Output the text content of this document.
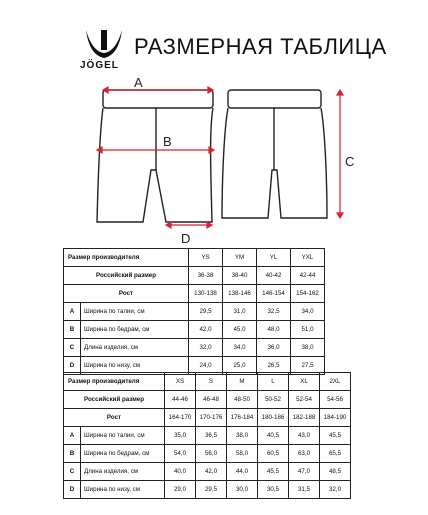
JÖGEL
РАЗМЕРНАЯ ТАБЛИЦА
A
B
C
D
Размер производителя		YS	YM	YL	YXL
Российский размер		36-38	38-40	40-42	42-44
Рост		130-138	138-146	146-154	154-162
A	Ширина по талии, см	29,5	31,0	32,5	34,0
B	Ширина по бедрам, см	42,0	45,0	48,0	51,0
C	Длина изделия, см	32,0	34,0	36,0	38,0
D	Ширина по низу, см	24,0	25,0	26,5	27,5
Размер производителя		XS	S	M	L	XL	2XL
Российский размер		44-46	46-48	48-50	50-52	52-54	54-56
Рост		164-170	170-176	176-184	180-186	182-188	184-190
A	Ширина по талии, см	35,0	36,5	38,0	40,5	43,0	45,5
B	Ширина по бедрам, см	54,0	56,0	58,0	60,5	63,0	65,5
C	Длина изделия, см	40,0	42,0	44,0	45,5	47,0	48,5
D	Ширина по низу, см	29,0	29,5	30,0	30,5	31,5	32,0
